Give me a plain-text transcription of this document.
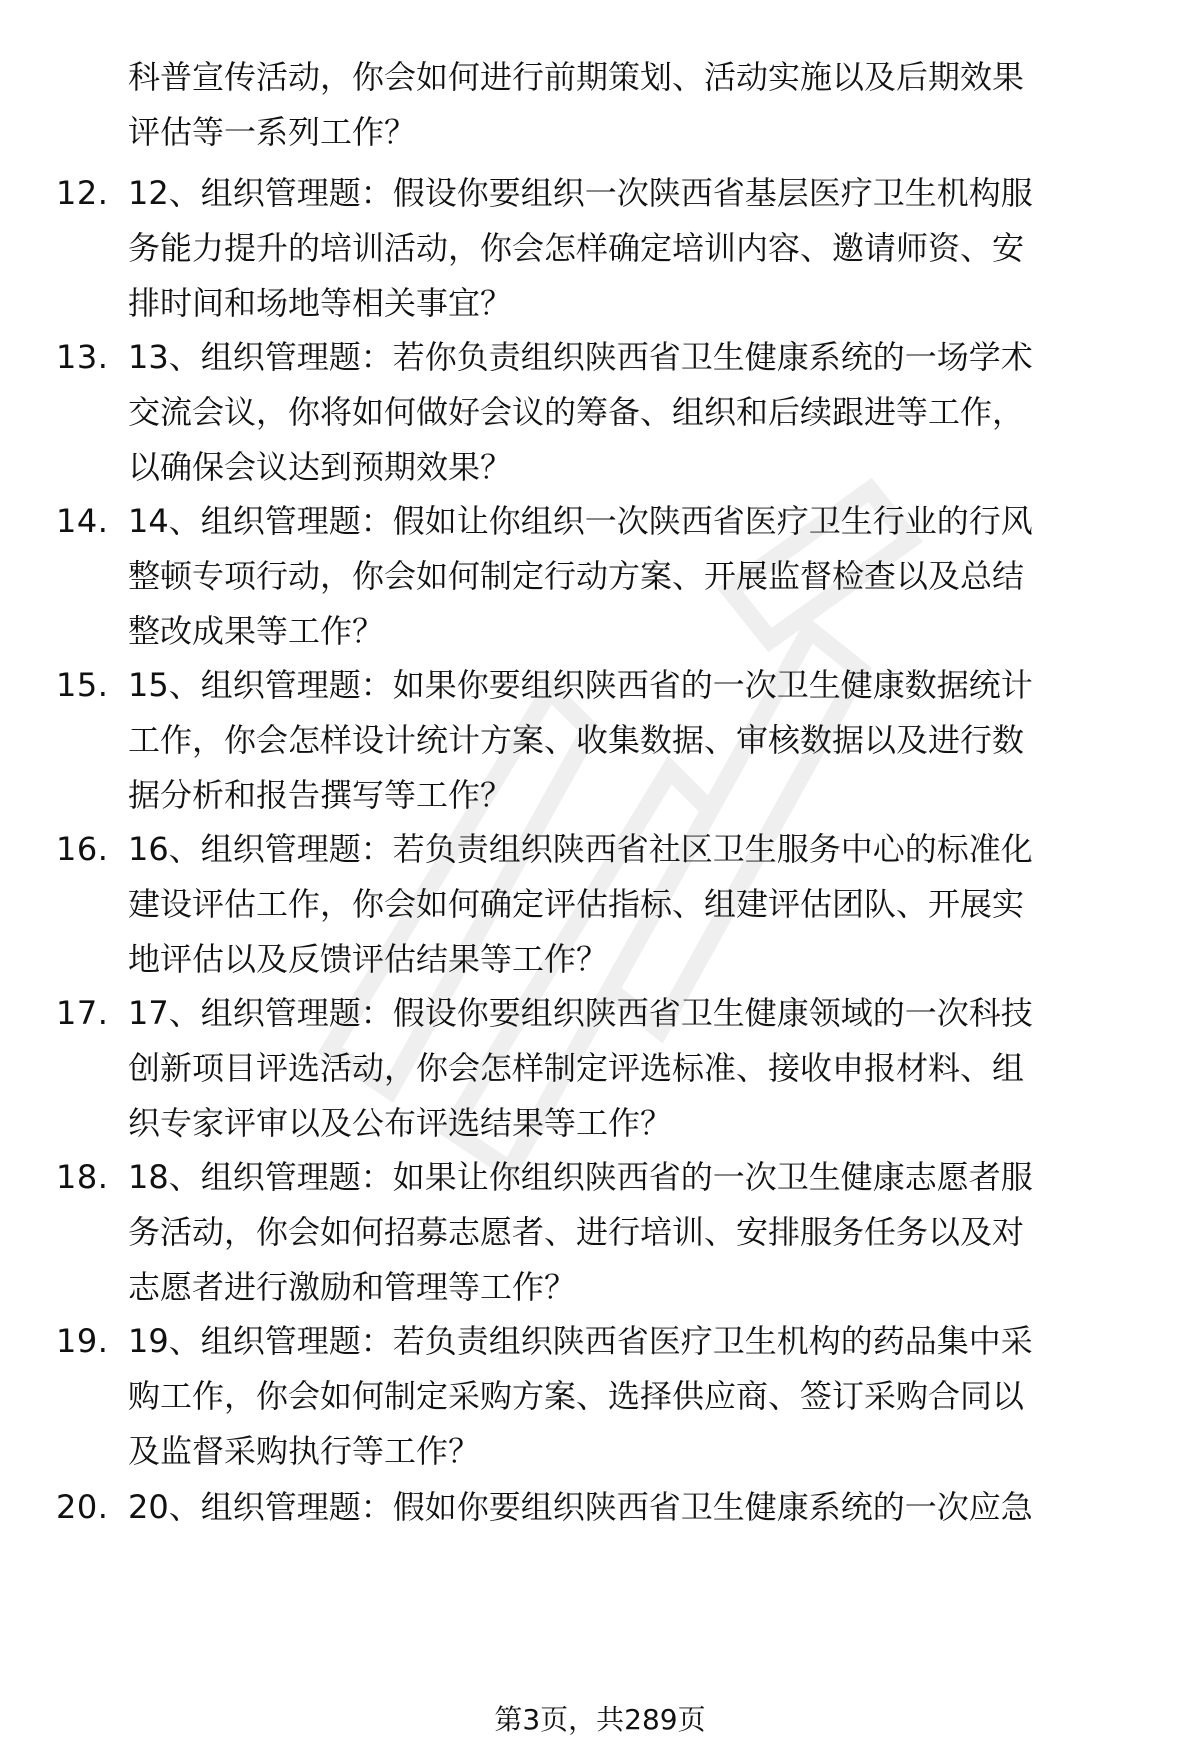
科普宣传活动，你会如何进行前期策划、活动实施以及后期效果
评估等一系列工作？
12. 12、组织管理题：假设你要组织一次陕西省基层医疗卫生机构服
务能力提升的培训活动，你会怎样确定培训内容、邀请师资、安
排时间和场地等相关事宜？
13. 13、组织管理题：若你负责组织陕西省卫生健康系统的一场学术
交流会议，你将如何做好会议的筹备、组织和后续跟进等工作，
以确保会议达到预期效果？
14. 14、组织管理题：假如让你组织一次陕西省医疗卫生行业的行风
整顿专项行动，你会如何制定行动方案、开展监督检查以及总结
整改成果等工作？
15. 15、组织管理题：如果你要组织陕西省的一次卫生健康数据统计
工作，你会怎样设计统计方案、收集数据、审核数据以及进行数
据分析和报告撰写等工作？
16. 16、组织管理题：若负责组织陕西省社区卫生服务中心的标准化
建设评估工作，你会如何确定评估指标、组建评估团队、开展实
地评估以及反馈评估结果等工作？
17. 17、组织管理题：假设你要组织陕西省卫生健康领域的一次科技
创新项目评选活动，你会怎样制定评选标准、接收申报材料、组
织专家评审以及公布评选结果等工作？
18. 18、组织管理题：如果让你组织陕西省的一次卫生健康志愿者服
务活动，你会如何招募志愿者、进行培训、安排服务任务以及对
志愿者进行激励和管理等工作？
19. 19、组织管理题：若负责组织陕西省医疗卫生机构的药品集中采
购工作，你会如何制定采购方案、选择供应商、签订采购合同以
及监督采购执行等工作？
20. 20、组织管理题：假如你要组织陕西省卫生健康系统的一次应急
第3页，共289页
